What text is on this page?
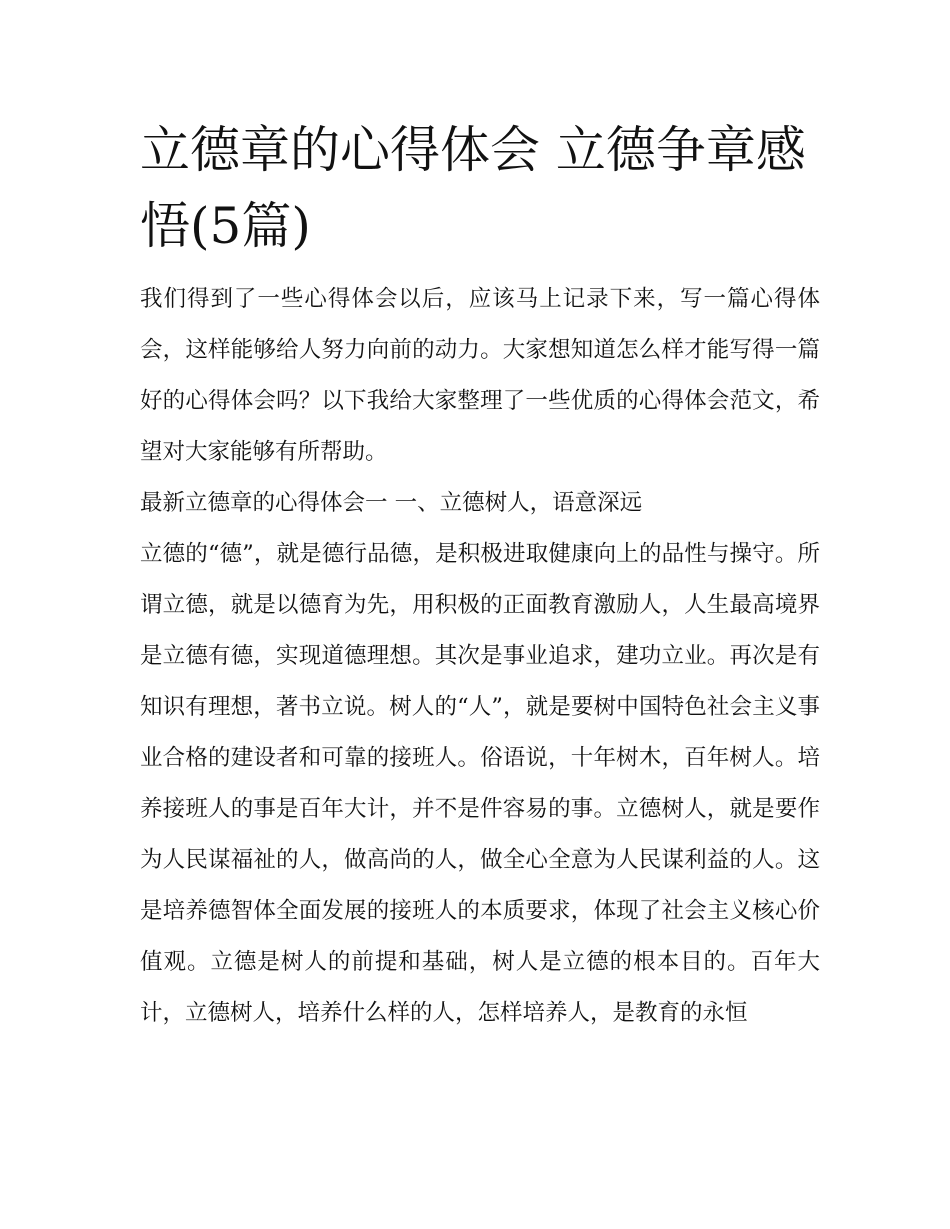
立德章的心得体会 立德争章感悟(5篇)

我们得到了一些心得体会以后，应该马上记录下来，写一篇心得体会，这样能够给人努力向前的动力。大家想知道怎么样才能写得一篇好的心得体会吗？以下我给大家整理了一些优质的心得体会范文，希望对大家能够有所帮助。

最新立德章的心得体会一 一、立德树人，语意深远

立德的“德”，就是德行品德，是积极进取健康向上的品性与操守。所谓立德，就是以德育为先，用积极的正面教育激励人，人生最高境界是立德有德，实现道德理想。其次是事业追求，建功立业。再次是有知识有理想，著书立说。树人的“人”，就是要树中国特色社会主义事业合格的建设者和可靠的接班人。俗语说，十年树木，百年树人。培养接班人的事是百年大计，并不是件容易的事。立德树人，就是要作为人民谋福祉的人，做高尚的人，做全心全意为人民谋利益的人。这是培养德智体全面发展的接班人的本质要求，体现了社会主义核心价值观。立德是树人的前提和基础，树人是立德的根本目的。百年大计，立德树人，培养什么样的人，怎样培养人，是教育的永恒
